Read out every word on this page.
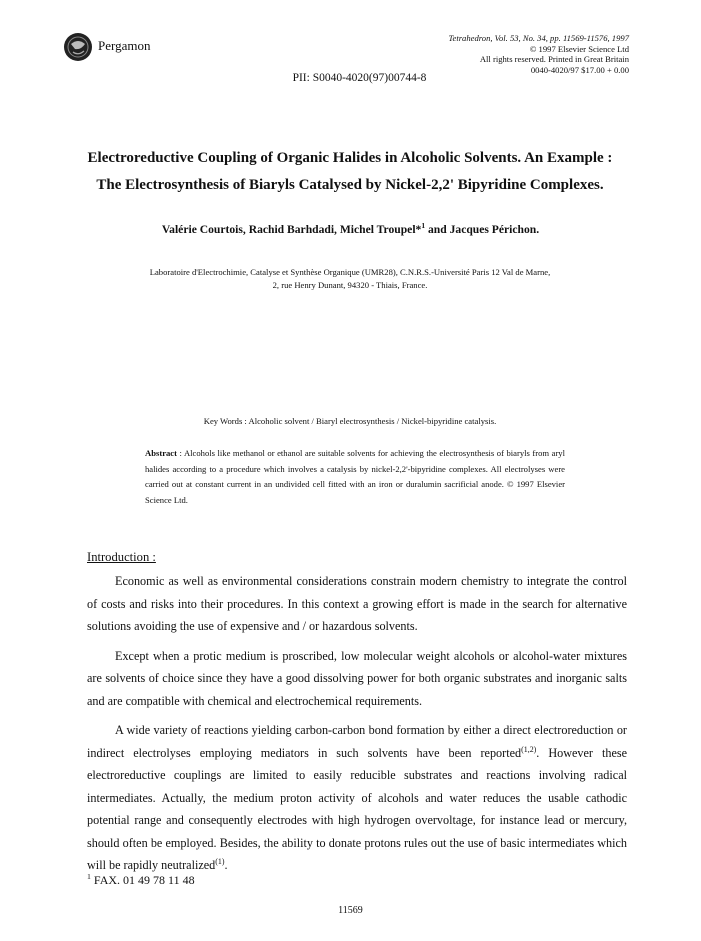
Pergamon	Tetrahedron, Vol. 53, No. 34, pp. 11569-11576, 1997
© 1997 Elsevier Science Ltd
All rights reserved. Printed in Great Britain
0040-4020/97 $17.00 + 0.00
PII: S0040-4020(97)00744-8
Electroreductive Coupling of Organic Halides in Alcoholic Solvents. An Example :
The Electrosynthesis of Biaryls Catalysed by Nickel-2,2' Bipyridine Complexes.
Valérie Courtois, Rachid Barhdadi, Michel Troupel*$^1$ and Jacques Périchon.
Laboratoire d'Electrochimie, Catalyse et Synthèse Organique (UMR28), C.N.R.S.-Université Paris 12 Val de Marne,
2, rue Henry Dunant, 94320 - Thiais, France.
Key Words : Alcoholic solvent / Biaryl electrosynthesis / Nickel-bipyridine catalysis.
Abstract : Alcohols like methanol or ethanol are suitable solvents for achieving the electrosynthesis of biaryls from aryl halides according to a procedure which involves a catalysis by nickel-2,2'-bipyridine complexes. All electrolyses were carried out at constant current in an undivided cell fitted with an iron or duralumin sacrificial anode. © 1997 Elsevier Science Ltd.
Introduction :

Economic as well as environmental considerations constrain modern chemistry to integrate the control of costs and risks into their procedures. In this context a growing effort is made in the search for alternative solutions avoiding the use of expensive and / or hazardous solvents.

Except when a protic medium is proscribed, low molecular weight alcohols or alcohol-water mixtures are solvents of choice since they have a good dissolving power for both organic substrates and inorganic salts and are compatible with chemical and electrochemical requirements.

A wide variety of reactions yielding carbon-carbon bond formation by either a direct electroreduction or indirect electrolyses employing mediators in such solvents have been reported$^{(1,2)}$. However these electroreductive couplings are limited to easily reducible substrates and reactions involving radical intermediates. Actually, the medium proton activity of alcohols and water reduces the usable cathodic potential range and consequently electrodes with high hydrogen overvoltage, for instance lead or mercury, should often be employed. Besides, the ability to donate protons rules out the use of basic intermediates which will be rapidly neutralized$^{(1)}$.

$^1$ FAX. 01 49 78 11 48
11569
